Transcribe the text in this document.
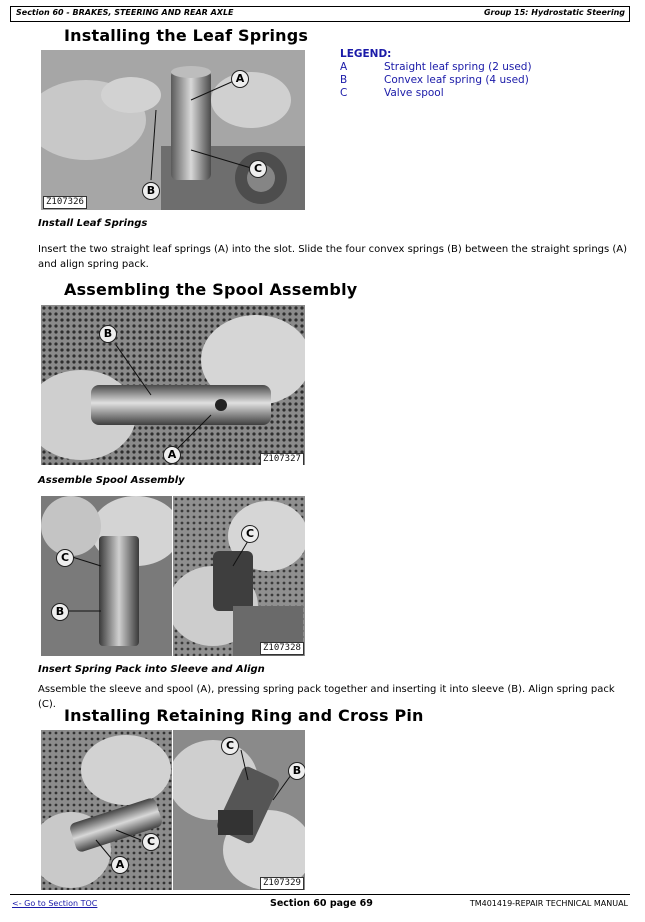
Section 60 - BRAKES, STEERING AND REAR AXLE	Group 15: Hydrostatic Steering
Installing the Leaf Springs
A
C
B
Z107326
LEGEND:
A	Straight leaf spring (2 used)
B	Convex leaf spring (4 used)
C	Valve spool
Install Leaf Springs
Insert the two straight leaf springs (A) into the slot. Slide the four convex springs (B) between the straight springs (A) and align spring pack.
Assembling the Spool Assembly
B
A	Z107327
Assemble Spool Assembly
C
B
C
Z107328
Insert Spring Pack into Sleeve and Align
Assemble the sleeve and spool (A), pressing spring pack together and inserting it into sleeve (B). Align spring pack (C).
Installing Retaining Ring and Cross Pin
C
A
C
B
Z107329
<- Go to Section TOC	Section 60 page 69	TM401419-REPAIR TECHNICAL MANUAL
